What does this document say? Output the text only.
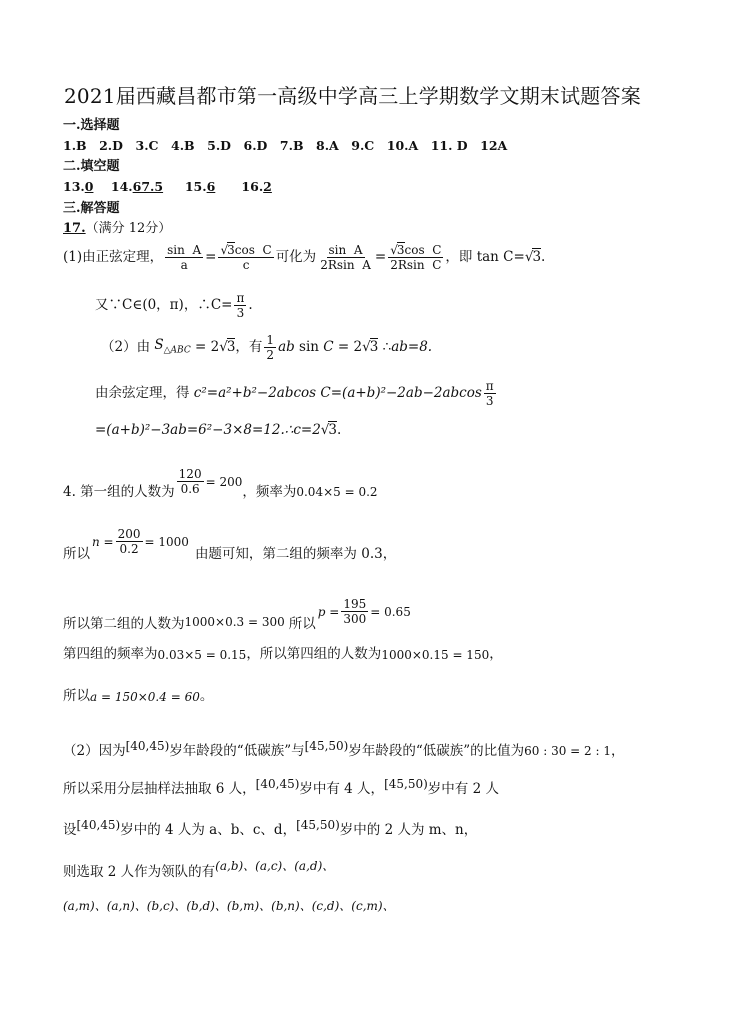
2021届西藏昌都市第一高级中学高三上学期数学文期末试题答案
一.选择题
1.B　2.D　3.C　4.B　5.D　6.D　7.B　8.A　9.C　10.A　11. D　12A
二.填空题
13.0 14.67.5 15.6 16.2
三.解答题
17.（满分 12分）
(1)由正弦定理， $\frac{\text{sin  A}}{a} = \frac{\text{√3cos  C}}{c}$ 可化为 $\frac{\text{sin  A}}{\text{2Rsin  A}} = \frac{\text{√3cos  C}}{\text{2Rsin  C}}$ ，即 tan C= √3.
又∵C∈(0，π)，∴C= $\frac{\pi}{3}$ .
（2）由 $S_{\triangle ABC} = 2√3$ ，有 $\frac{1}{2}$ ab sin C = 2√3 ∴ ab=8.
由余弦定理，得
c²=a²+b²−2abcos $C=(a+b)^2-2ab-2abcos \frac{\pi}{3}$
=(a+b)²−3ab=6²−3×8=12.∴c=2√3.
4. 第一组的人数为 $\frac{120}{0.6} = 200$
，频率为 0.04×5 = 0.2
所以
$n = \frac{200}{0.2} = 1000$
由题可知，第二组的频率为 0.3，
所以第二组的人数为 1000×0.3 = 300 所以
$p = \frac{195}{300} = 0.65$
第四组的频率为 0.03×5 = 0.15 ，所以第四组的人数为 1000×0.15 = 150 ，
所以 a = 150×0.4 = 60 。
（2）因为 [40,45) 岁年龄段的“低碳族”与 [45,50) 岁年龄段的“低碳族”的比值为 60 : 30 = 2 : 1 ，
所以采用分层抽样法抽取 6 人， [40,45) 岁中有 4 人， [45,50) 岁中有 2 人
设 [40,45) 岁中的 4 人为 a、b、c、d， [45,50) 岁中的 2 人为 m、n，
则选取 2 人作为领队的有 (a,b)、(a,c)、(a,d)、
(a,m)、(a,n)、(b,c)、(b,d)、(b,m)、(b,n)、(c,d)、(c,m)、
